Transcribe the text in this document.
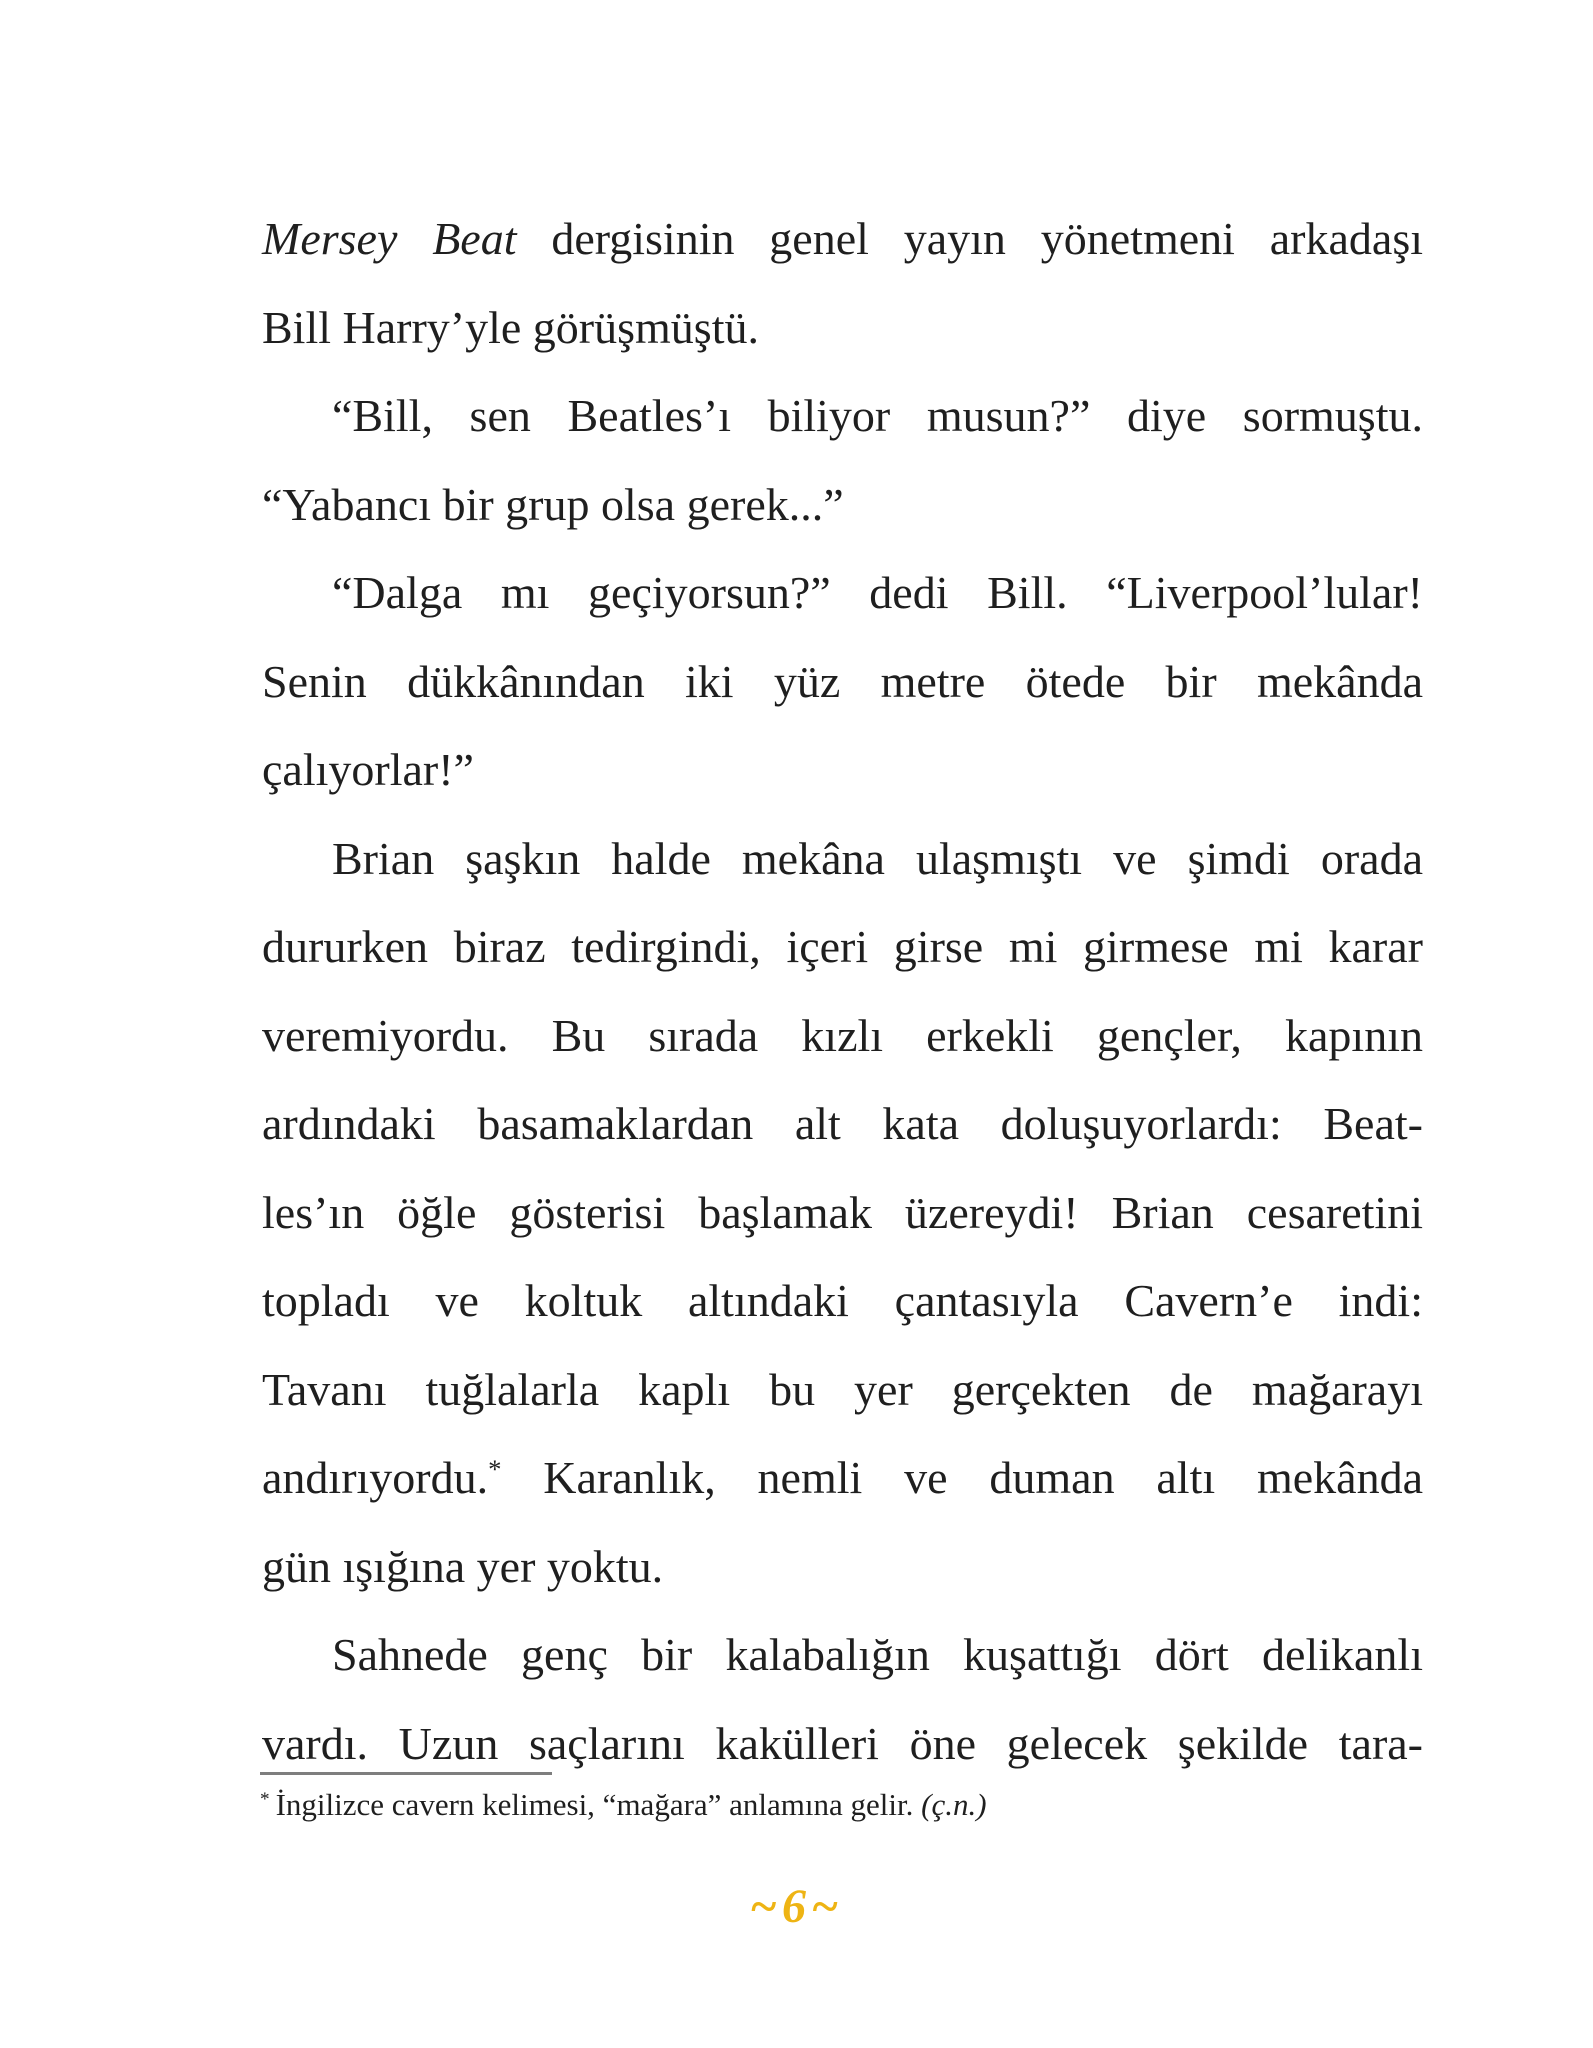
Mersey Beat dergisinin genel yayın yönetmeni arkadaşı
Bill Harry’yle görüşmüştü.
“Bill, sen Beatles’ı biliyor musun?” diye sormuştu.
“Yabancı bir grup olsa gerek...”
“Dalga mı geçiyorsun?” dedi Bill. “Liverpool’lular!
Senin dükkânından iki yüz metre ötede bir mekânda
çalıyorlar!”
Brian şaşkın halde mekâna ulaşmıştı ve şimdi orada
dururken biraz tedirgindi, içeri girse mi girmese mi karar
veremiyordu. Bu sırada kızlı erkekli gençler, kapının
ardındaki basamaklardan alt kata doluşuyorlardı: Beat-
les’ın öğle gösterisi başlamak üzereydi! Brian cesaretini
topladı ve koltuk altındaki çantasıyla Cavern’e indi:
Tavanı tuğlalarla kaplı bu yer gerçekten de mağarayı
andırıyordu.* Karanlık, nemli ve duman altı mekânda
gün ışığına yer yoktu.
Sahnede genç bir kalabalığın kuşattığı dört delikanlı
vardı. Uzun saçlarını kakülleri öne gelecek şekilde tara-
* İngilizce cavern kelimesi, “mağara” anlamına gelir. (ç.n.)
~6~
